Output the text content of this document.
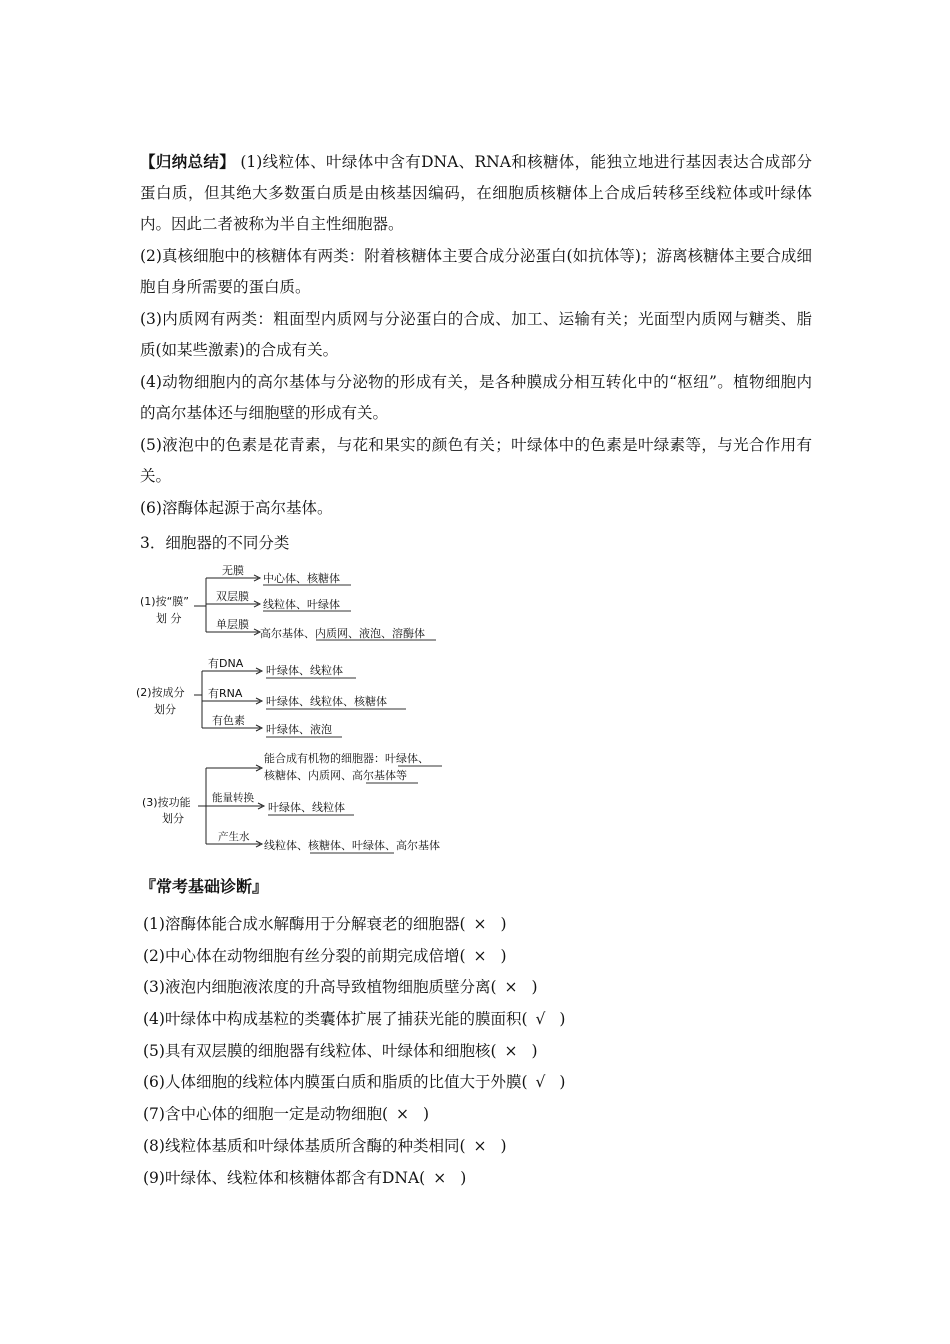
【归纳总结】 (1)线粒体、叶绿体中含有DNA、RNA和核糖体，能独立地进行基因表达合成部分蛋白质，但其绝大多数蛋白质是由核基因编码，在细胞质核糖体上合成后转移至线粒体或叶绿体内。因此二者被称为半自主性细胞器。
(2)真核细胞中的核糖体有两类：附着核糖体主要合成分泌蛋白(如抗体等)；游离核糖体主要合成细胞自身所需要的蛋白质。
(3)内质网有两类：粗面型内质网与分泌蛋白的合成、加工、运输有关；光面型内质网与糖类、脂质(如某些激素)的合成有关。
(4)动物细胞内的高尔基体与分泌物的形成有关，是各种膜成分相互转化中的“枢纽”。植物细胞内的高尔基体还与细胞壁的形成有关。
(5)液泡中的色素是花青素，与花和果实的颜色有关；叶绿体中的色素是叶绿素等，与光合作用有关。
(6)溶酶体起源于高尔基体。
3．细胞器的不同分类
(1)按“膜”
划 分
无膜
双层膜
单层膜
中心体、核糖体
线粒体、叶绿体
高尔基体、内质网、液泡、溶酶体
(2)按成分
划分
有DNA
有RNA
有色素
叶绿体、线粒体
叶绿体、线粒体、核糖体
叶绿体、液泡
(3)按功能
划分
能合成有机物的细胞器：叶绿体、
核糖体、内质网、高尔基体等
能量转换
叶绿体、线粒体
产生水
线粒体、核糖体、叶绿体、高尔基体
『常考基础诊断』
(1)溶酶体能合成水解酶用于分解衰老的细胞器( × )
(2)中心体在动物细胞有丝分裂的前期完成倍增( × )
(3)液泡内细胞液浓度的升高导致植物细胞质壁分离( × )
(4)叶绿体中构成基粒的类囊体扩展了捕获光能的膜面积( √ )
(5)具有双层膜的细胞器有线粒体、叶绿体和细胞核( × )
(6)人体细胞的线粒体内膜蛋白质和脂质的比值大于外膜( √ )
(7)含中心体的细胞一定是动物细胞( × )
(8)线粒体基质和叶绿体基质所含酶的种类相同( × )
(9)叶绿体、线粒体和核糖体都含有DNA( × )
